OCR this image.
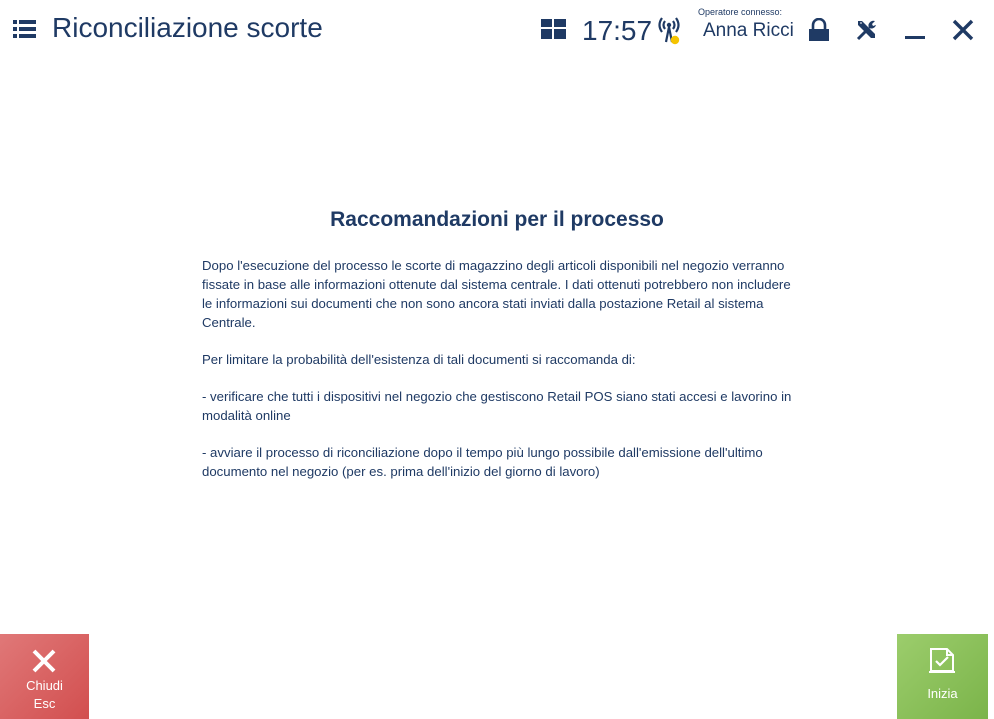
Riconciliazione scorte	17:57
Operatore connesso:
Anna Ricci
Raccomandazioni per il processo

Dopo l'esecuzione del processo le scorte di magazzino degli articoli disponibili nel negozio verranno fissate in base alle informazioni ottenute dal sistema centrale. I dati ottenuti potrebbero non includere le informazioni sui documenti che non sono ancora stati inviati dalla postazione Retail al sistema Centrale.

Per limitare la probabilità dell'esistenza di tali documenti si raccomanda di:

- verificare che tutti i dispositivi nel negozio che gestiscono Retail POS siano stati accesi e lavorino in modalità online

- avviare il processo di riconciliazione dopo il tempo più lungo possibile dall'emissione dell'ultimo documento nel negozio (per es. prima dell'inizio del giorno di lavoro)

Chiudi
Esc
Inizia
